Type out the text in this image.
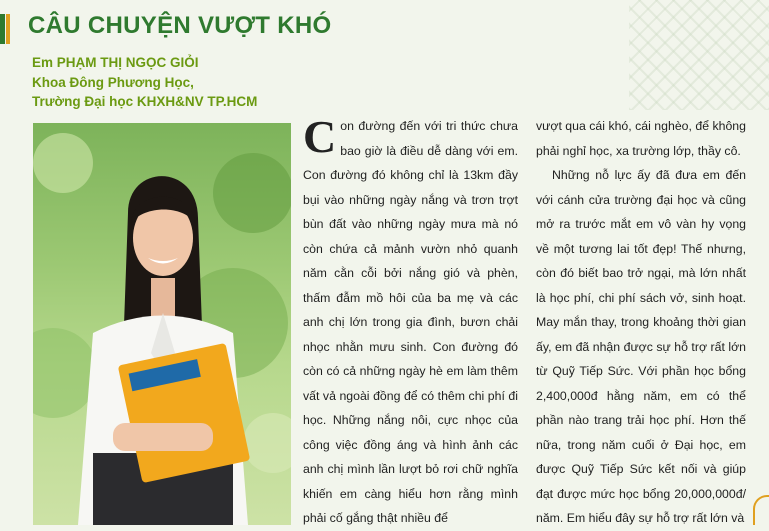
CÂU CHUYỆN VƯỢT KHÓ
Em PHẠM THỊ NGỌC GIỎI
Khoa Đông Phương Học,
Trường Đại học KHXH&NV TP.HCM

Con đường đến với tri thức chưa bao giờ là điều dễ dàng với em. Con đường đó không chỉ là 13km đầy bụi vào những ngày nắng và trơn trợt bùn đất vào những ngày mưa mà nó còn chứa cả mảnh vườn nhỏ quanh năm cằn cỗi bởi nắng gió và phèn, thấm đẫm mồ hôi của ba mẹ và các anh chị lớn trong gia đình, bươn chải nhọc nhằn mưu sinh. Con đường đó còn có cả những ngày hè em làm thêm vất vả ngoài đồng để có thêm chi phí đi học. Những nắng nôi, cực nhọc của công việc đồng áng và hình ảnh các anh chị mình lần lượt bỏ rơi chữ nghĩa khiến em càng hiểu hơn rằng mình phải cố gắng thật nhiều để

vượt qua cái khó, cái nghèo, để không phải nghỉ học, xa trường lớp, thầy cô.

Những nỗ lực ấy đã đưa em đến với cánh cửa trường đại học và cũng mở ra trước mắt em vô vàn hy vọng về một tương lai tốt đẹp! Thế nhưng, còn đó biết bao trở ngại, mà lớn nhất là học phí, chi phí sách vở, sinh hoạt. May mắn thay, trong khoảng thời gian ấy, em đã nhận được sự hỗ trợ rất lớn từ Quỹ Tiếp Sức. Với phần học bổng 2,400,000đ hằng năm, em có thể phần nào trang trải học phí. Hơn thế nữa, trong năm cuối ở Đại học, em được Quỹ Tiếp Sức kết nối và giúp đạt được mức học bổng 20,000,000đ/ năm. Em hiểu đây sự hỗ trợ rất lớn và
